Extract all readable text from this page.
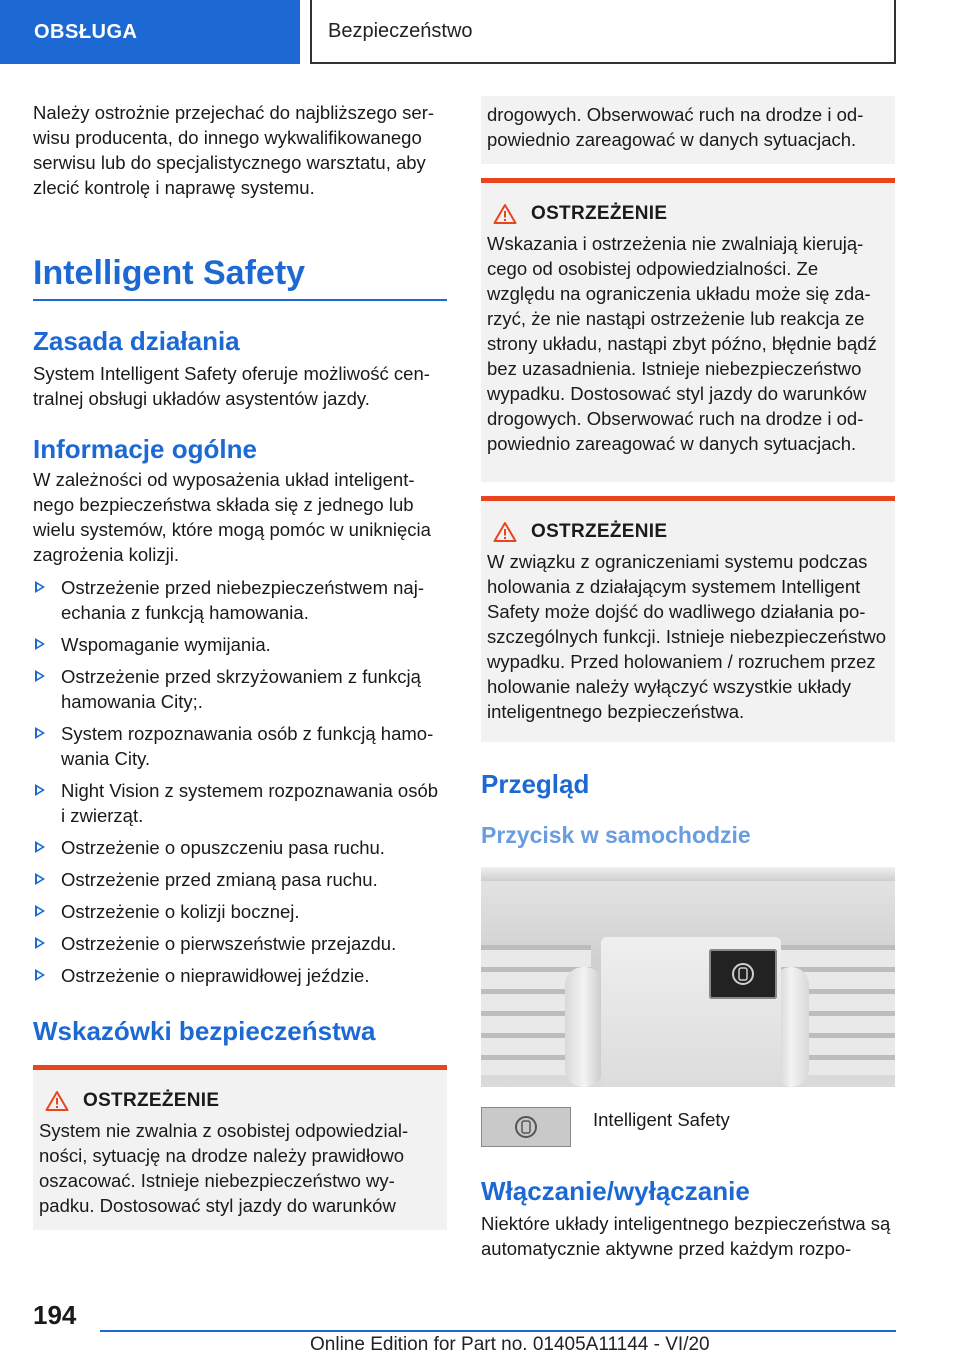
OBSŁUGA	Bezpieczeństwo

Należy ostrożnie przejechać do najbliższego serwisu producenta, do innego wykwalifikowanego serwisu lub do specjalistycznego warsztatu, aby zlecić kontrolę i naprawę systemu.

Intelligent Safety
Zasada działania

System Intelligent Safety oferuje możliwość centralnej obsługi układów asystentów jazdy.

Informacje ogólne

W zależności od wyposażenia układ inteligentnego bezpieczeństwa składa się z jednego lub wielu systemów, które mogą pomóc w uniknięcia zagrożenia kolizji.

Ostrzeżenie przed niebezpieczeństwem najechania z funkcją hamowania.
Wspomaganie wymijania.
Ostrzeżenie przed skrzyżowaniem z funkcją hamowania City;.
System rozpoznawania osób z funkcją hamowania City.
Night Vision z systemem rozpoznawania osób i zwierząt.
Ostrzeżenie o opuszczeniu pasa ruchu.
Ostrzeżenie przed zmianą pasa ruchu.
Ostrzeżenie o kolizji bocznej.
Ostrzeżenie o pierwszeństwie przejazdu.
Ostrzeżenie o nieprawidłowej jeździe.
Wskazówki bezpieczeństwa
OSTRZEŻENIE

System nie zwalnia z osobistej odpowiedzialności, sytuację na drodze należy prawidłowo oszacować. Istnieje niebezpieczeństwo wypadku. Dostosować styl jazdy do warunków

drogowych. Obserwować ruch na drodze i odpowiednio zareagować w danych sytuacjach.

OSTRZEŻENIE

Wskazania i ostrzeżenia nie zwalniają kierującego od osobistej odpowiedzialności. Ze względu na ograniczenia układu może się zdarzyć, że nie nastąpi ostrzeżenie lub reakcja ze strony układu, nastąpi zbyt późno, błędnie bądź bez uzasadnienia. Istnieje niebezpieczeństwo wypadku. Dostosować styl jazdy do warunków drogowych. Obserwować ruch na drodze i odpowiednio zareagować w danych sytuacjach.

OSTRZEŻENIE

W związku z ograniczeniami systemu podczas holowania z działającym systemem Intelligent Safety może dojść do wadliwego działania poszczególnych funkcji. Istnieje niebezpieczeństwo wypadku. Przed holowaniem / rozruchem przez holowanie należy wyłączyć wszystkie układy inteligentnego bezpieczeństwa.

Przegląd
Przycisk w samochodzie

Intelligent Safety

Włączanie/wyłączanie

Niektóre układy inteligentnego bezpieczeństwa są automatycznie aktywne przed każdym rozpo-

194
Online Edition for Part no. 01405A11144 - VI/20
